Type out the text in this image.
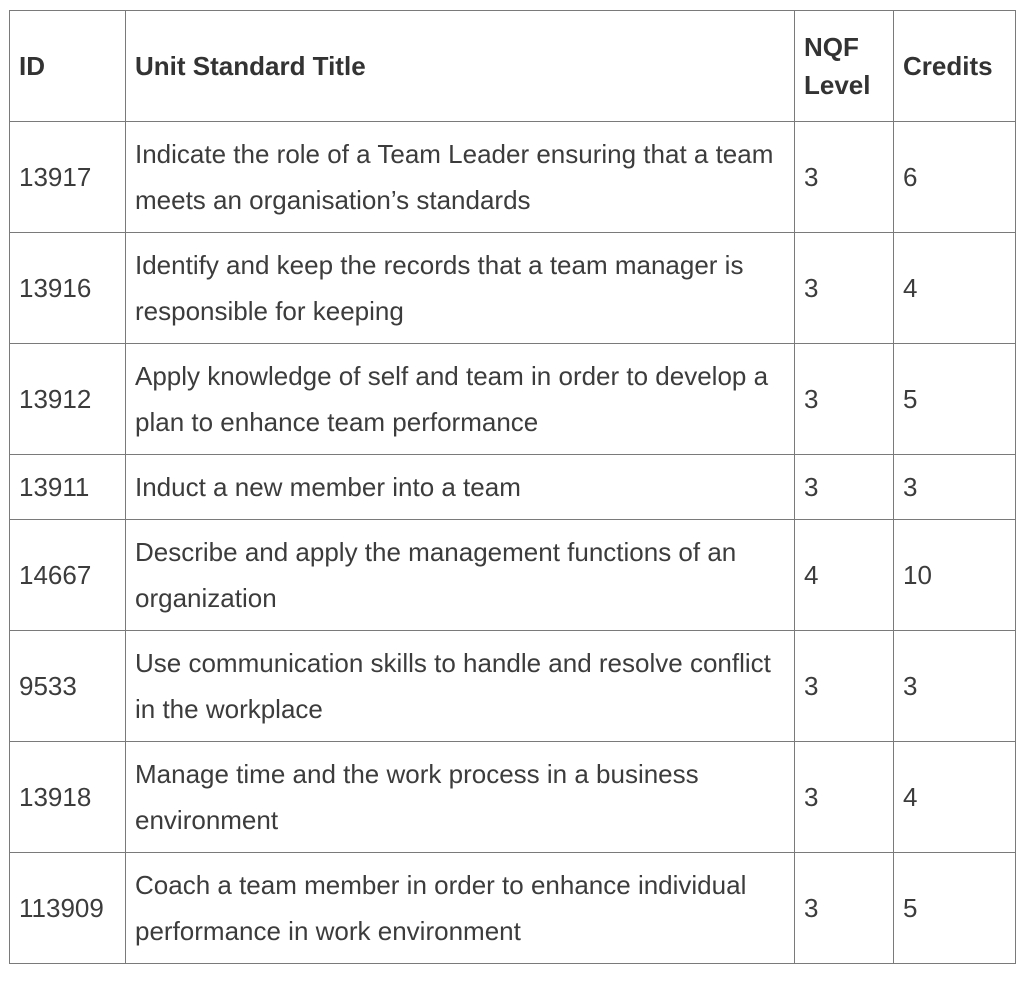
ID	Unit Standard Title	NQF Level	Credits
13917	Indicate the role of a Team Leader ensuring that a team meets an organisation’s standards	3	6
13916	Identify and keep the records that a team manager is responsible for keeping	3	4
13912	Apply knowledge of self and team in order to develop a plan to enhance team performance	3	5
13911	Induct a new member into a team	3	3
14667	Describe and apply the management functions of an organization	4	10
9533	Use communication skills to handle and resolve conflict in the workplace	3	3
13918	Manage time and the work process in a business environment	3	4
113909	Coach a team member in order to enhance individual performance in work environment	3	5
